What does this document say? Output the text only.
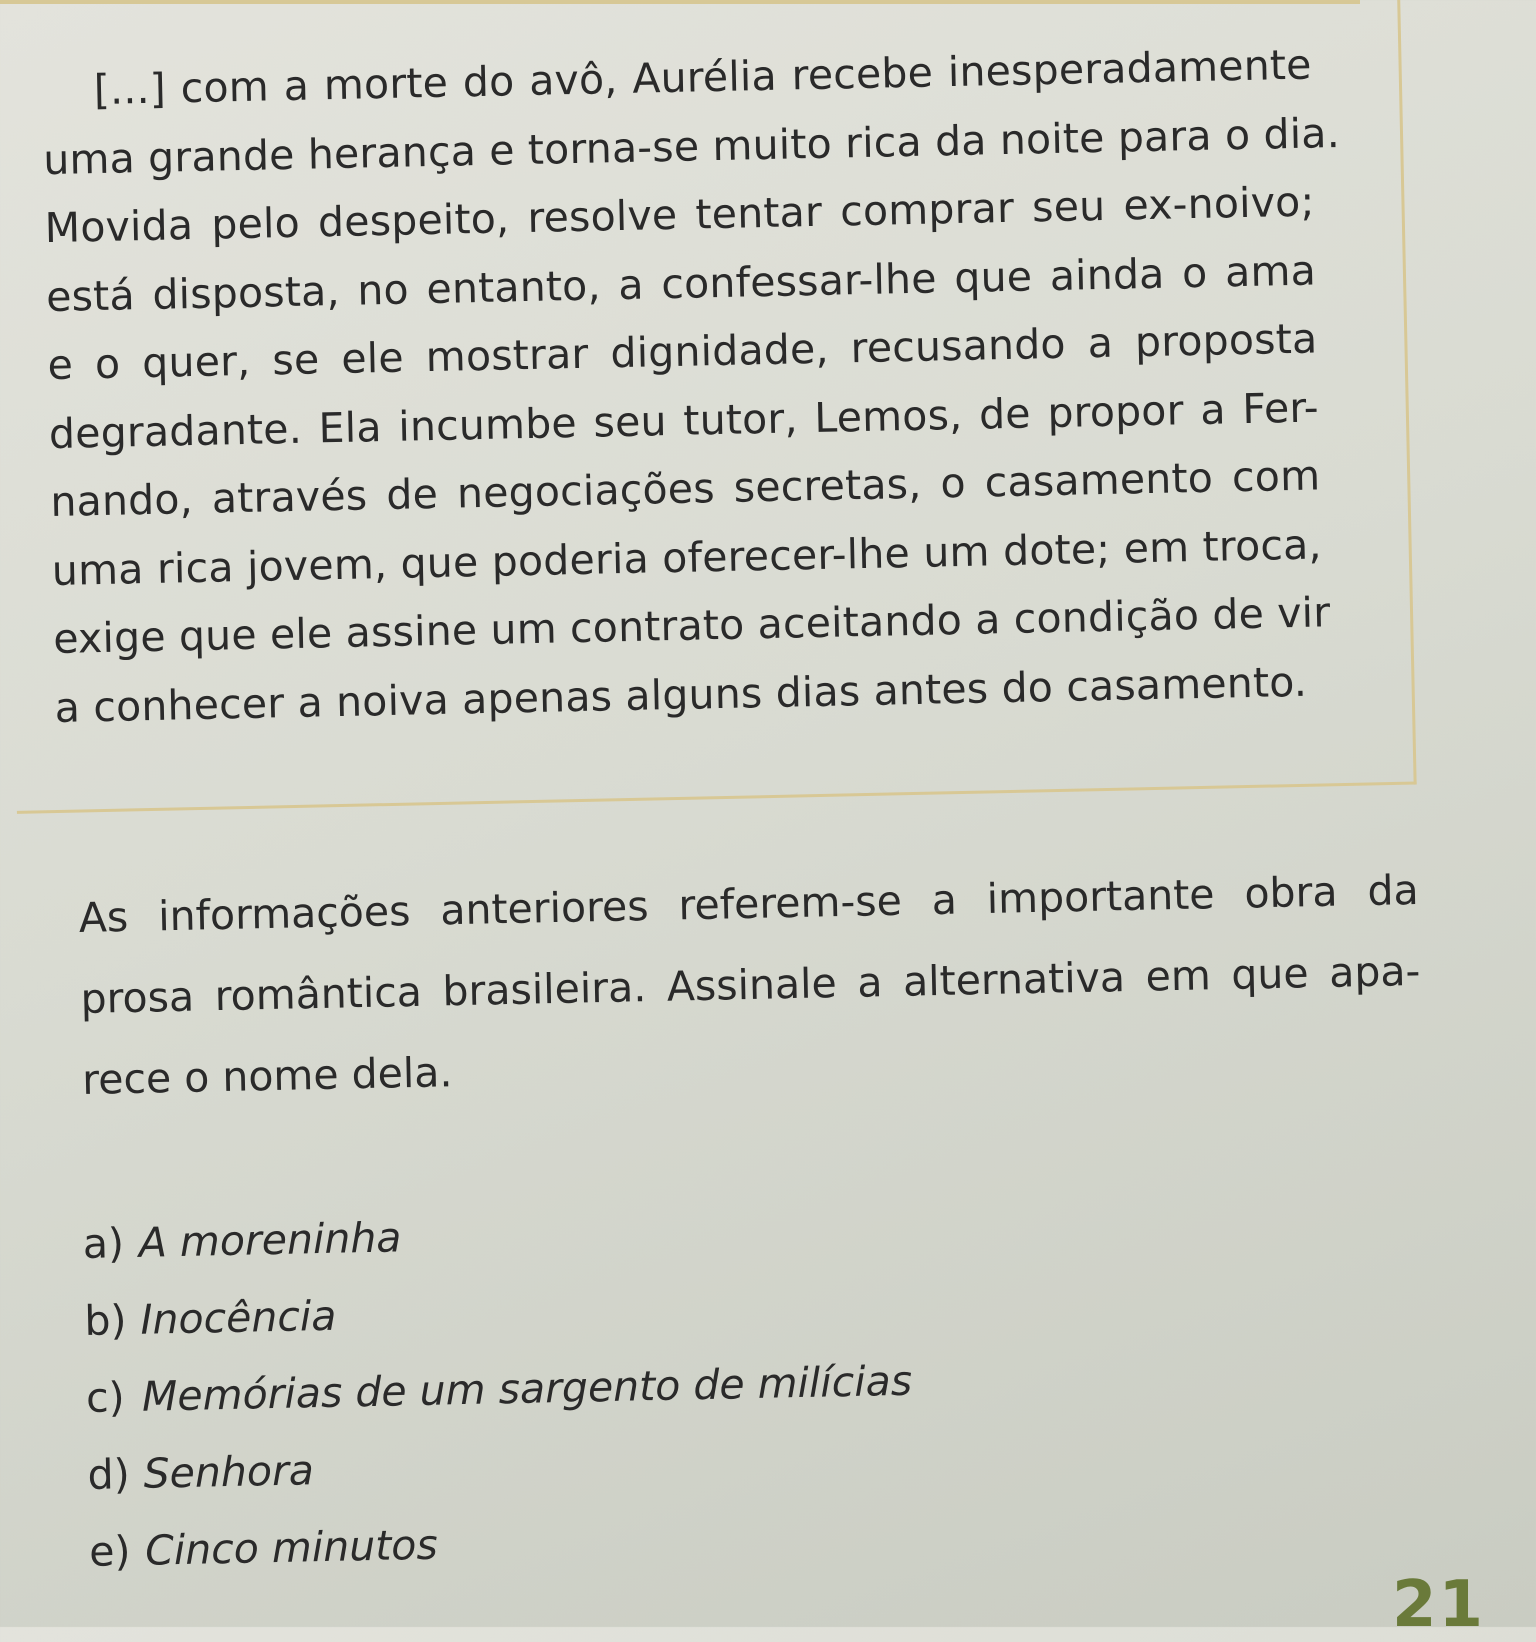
[...] com a morte do avô, Aurélia recebe inesperadamente
uma grande herança e torna-se muito rica da noite para o dia.
Movida pelo despeito, resolve tentar comprar seu ex-noivo;
está disposta, no entanto, a confessar-lhe que ainda o ama
e o quer, se ele mostrar dignidade, recusando a proposta
degradante. Ela incumbe seu tutor, Lemos, de propor a Fer-
nando, através de negociações secretas, o casamento com
uma rica jovem, que poderia oferecer-lhe um dote; em troca,
exige que ele assine um contrato aceitando a condição de vir
a conhecer a noiva apenas alguns dias antes do casamento.
As informações anteriores referem-se a importante obra da
prosa romântica brasileira. Assinale a alternativa em que apa-
rece o nome dela.
a) A moreninha
b) Inocência
c) Memórias de um sargento de milícias
d) Senhora
e) Cinco minutos
21
